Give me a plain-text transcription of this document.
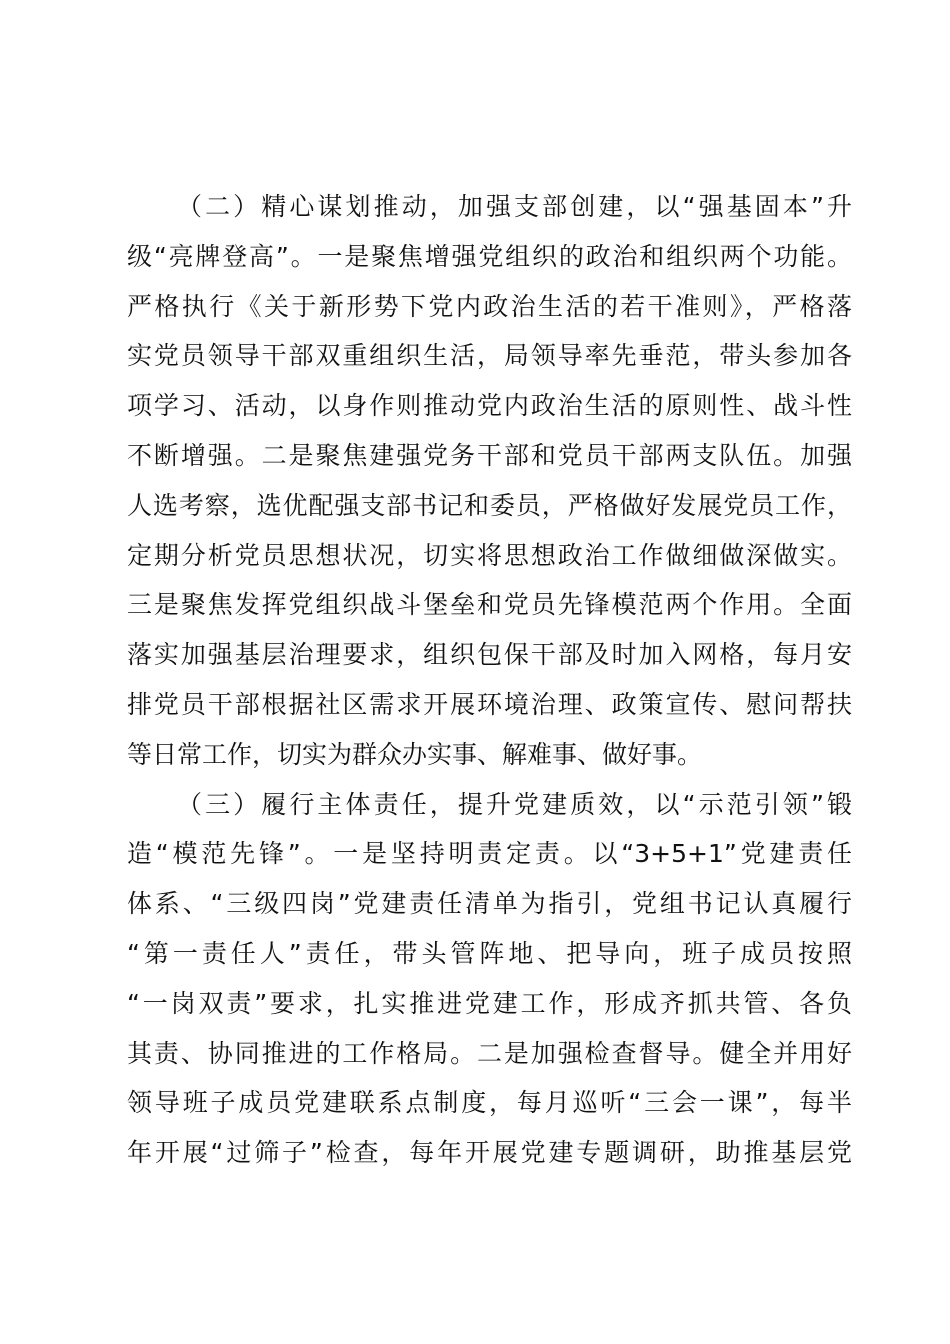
（二）精心谋划推动，加强支部创建，以“强基固本”升
级“亮牌登高”。一是聚焦增强党组织的政治和组织两个功能。
严格执行《关于新形势下党内政治生活的若干准则》，严格落
实党员领导干部双重组织生活，局领导率先垂范，带头参加各
项学习、活动，以身作则推动党内政治生活的原则性、战斗性
不断增强。二是聚焦建强党务干部和党员干部两支队伍。加强
人选考察，选优配强支部书记和委员，严格做好发展党员工作，
定期分析党员思想状况，切实将思想政治工作做细做深做实。
三是聚焦发挥党组织战斗堡垒和党员先锋模范两个作用。全面
落实加强基层治理要求，组织包保干部及时加入网格，每月安
排党员干部根据社区需求开展环境治理、政策宣传、慰问帮扶
等日常工作，切实为群众办实事、解难事、做好事。
（三）履行主体责任，提升党建质效，以“示范引领”锻
造“模范先锋”。一是坚持明责定责。以“3+5+1”党建责任
体系、“三级四岗”党建责任清单为指引，党组书记认真履行
“第一责任人”责任，带头管阵地、把导向，班子成员按照
“一岗双责”要求，扎实推进党建工作，形成齐抓共管、各负
其责、协同推进的工作格局。二是加强检查督导。健全并用好
领导班子成员党建联系点制度，每月巡听“三会一课”，每半
年开展“过筛子”检查，每年开展党建专题调研，助推基层党
